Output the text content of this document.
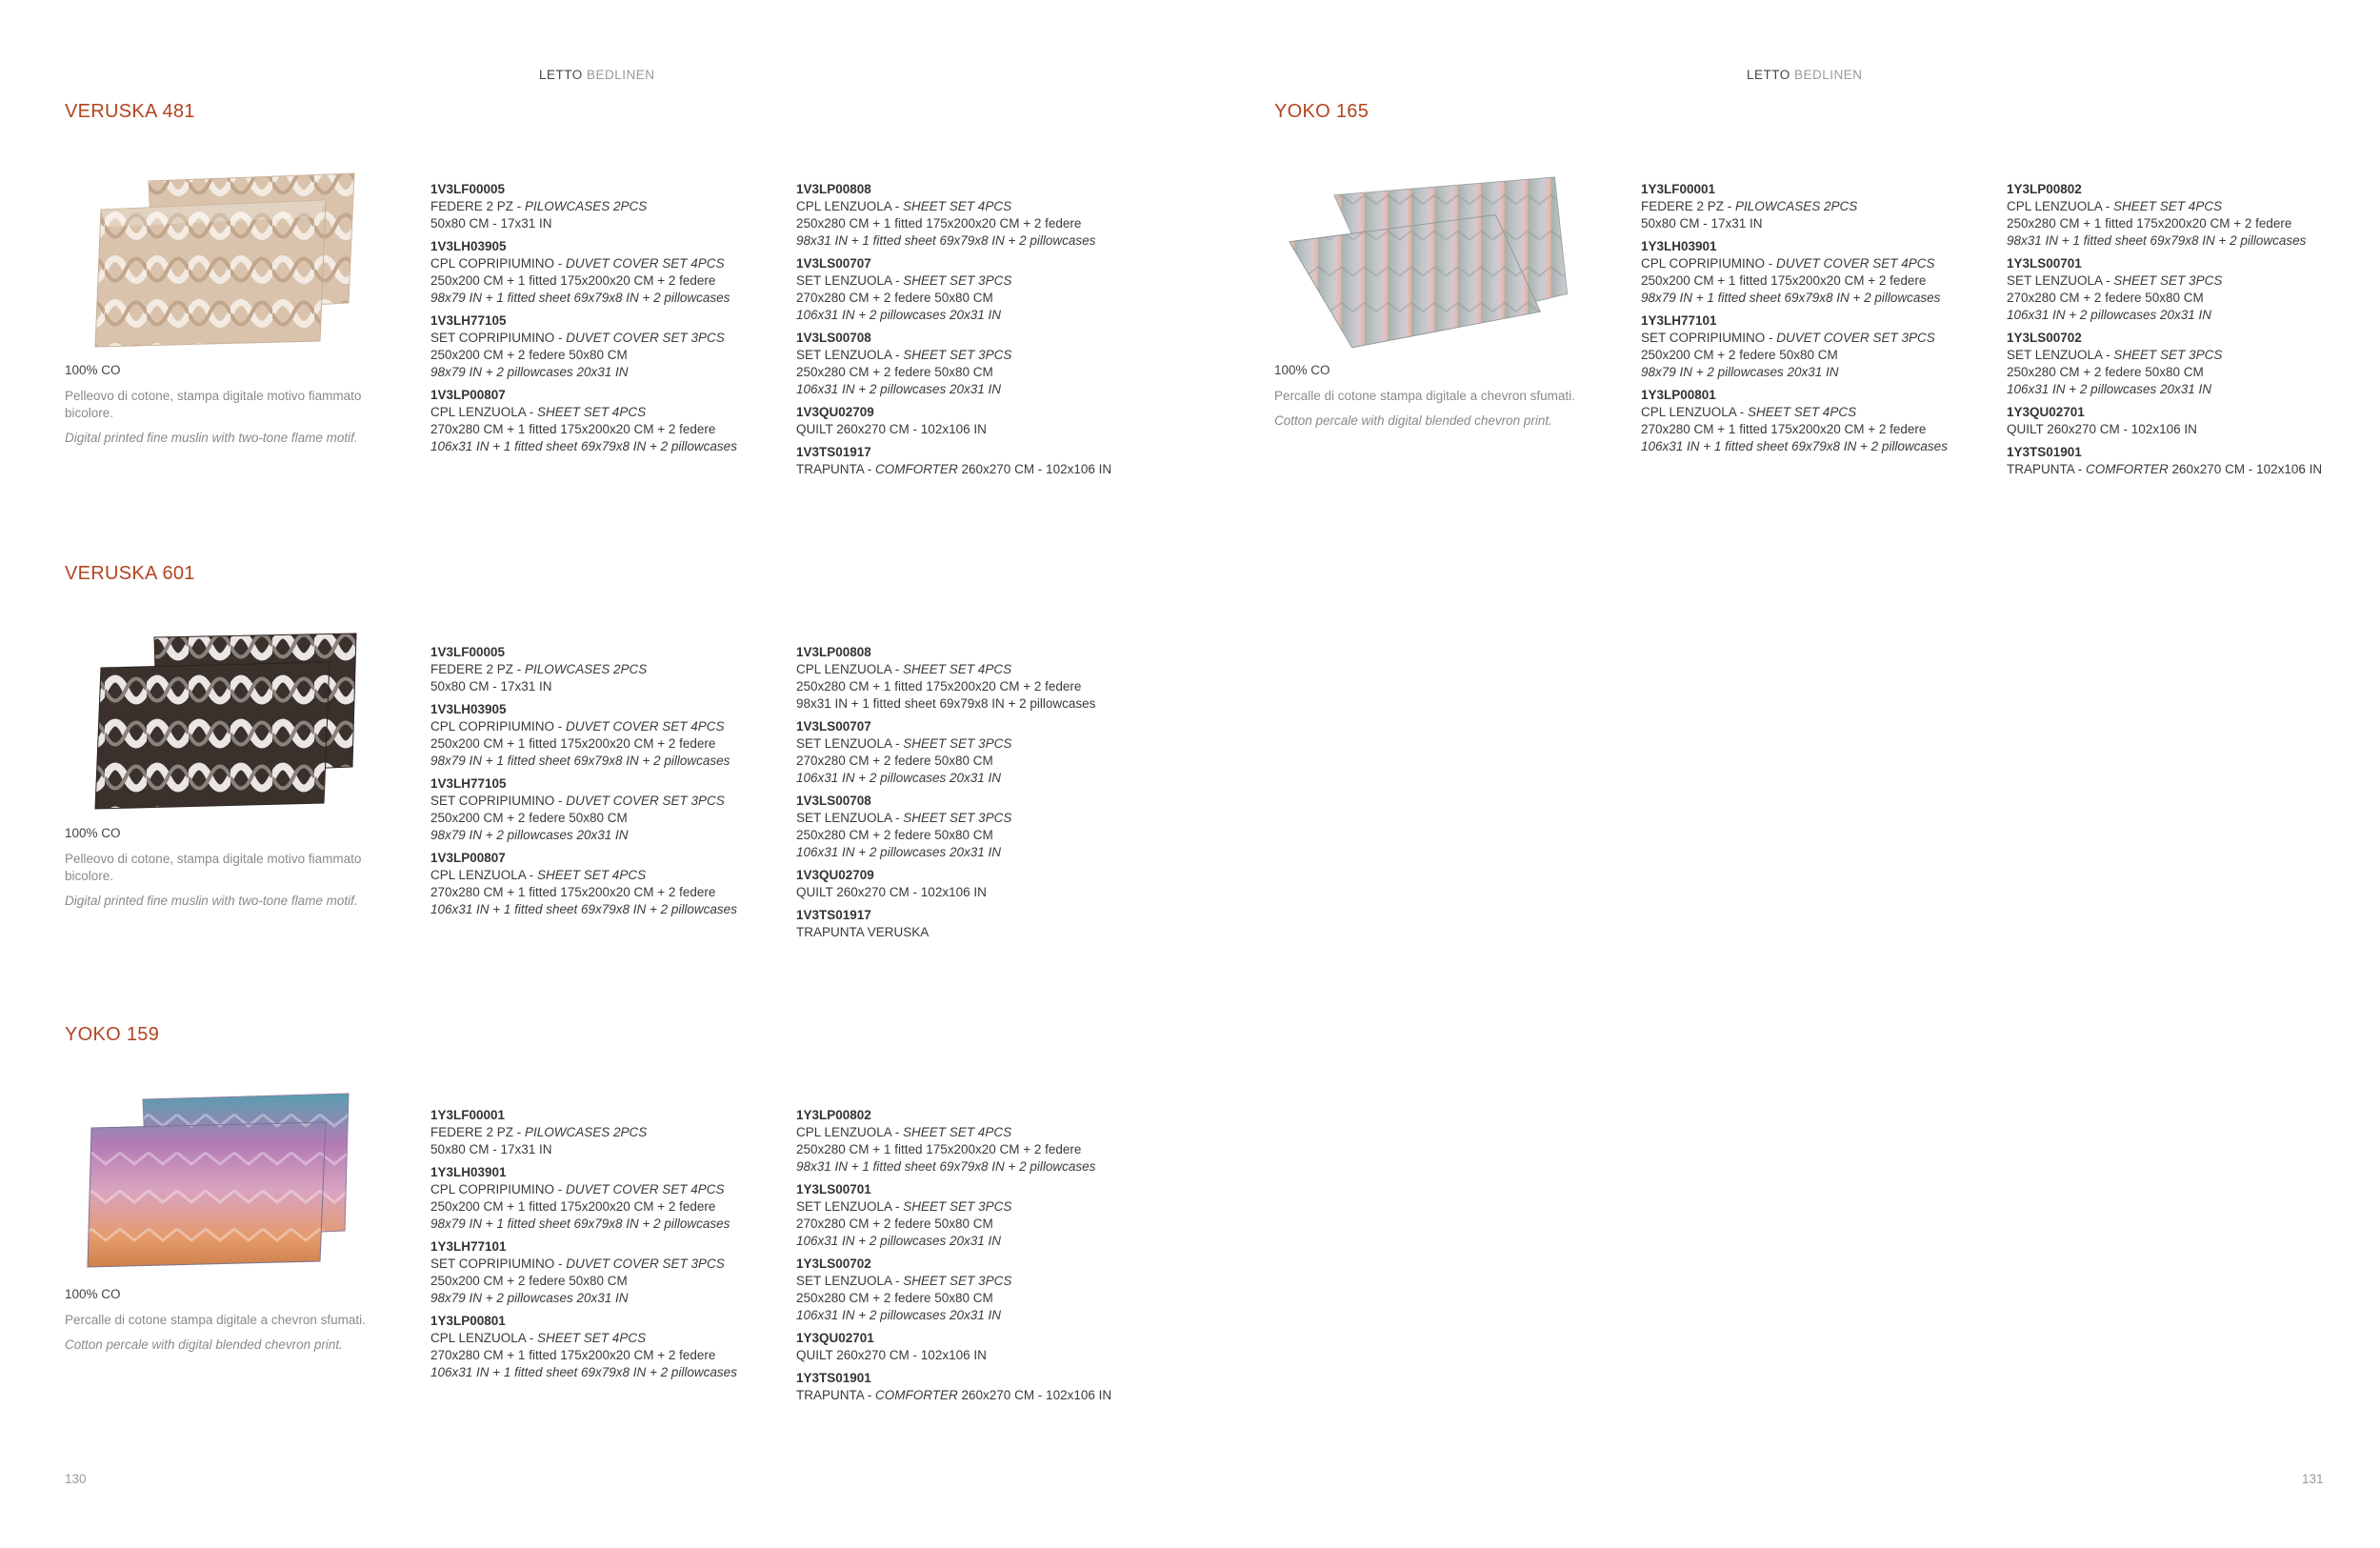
LETTO BEDLINEN
VERUSKA 481
100% CO
Pelleovo di cotone, stampa digitale motivo fiammato bicolore.
Digital printed fine muslin with two-tone flame motif.
1V3LF00005
FEDERE 2 PZ - PILOWCASES 2PCS
50x80 CM - 17x31 IN
1V3LH03905
CPL COPRIPIUMINO - DUVET COVER SET 4PCS
250x200 CM + 1 fitted 175x200x20 CM + 2 federe
98x79 IN + 1 fitted sheet 69x79x8 IN + 2 pillowcases
1V3LH77105
SET COPRIPIUMINO - DUVET COVER SET 3PCS
250x200 CM + 2 federe 50x80 CM
98x79 IN + 2 pillowcases 20x31 IN
1V3LP00807
CPL LENZUOLA - SHEET SET 4PCS
270x280 CM + 1 fitted 175x200x20 CM + 2 federe
106x31 IN + 1 fitted sheet 69x79x8 IN + 2 pillowcases
1V3LP00808
CPL LENZUOLA - SHEET SET 4PCS
250x280 CM + 1 fitted 175x200x20 CM + 2 federe
98x31 IN + 1 fitted sheet 69x79x8 IN + 2 pillowcases
1V3LS00707
SET LENZUOLA - SHEET SET 3PCS
270x280 CM + 2 federe 50x80 CM
106x31 IN + 2 pillowcases 20x31 IN
1V3LS00708
SET LENZUOLA - SHEET SET 3PCS
250x280 CM + 2 federe 50x80 CM
106x31 IN + 2 pillowcases 20x31 IN
1V3QU02709
QUILT 260x270 CM - 102x106 IN
1V3TS01917
TRAPUNTA - COMFORTER 260x270 CM - 102x106 IN
VERUSKA 601
100% CO
Pelleovo di cotone, stampa digitale motivo fiammato bicolore.
Digital printed fine muslin with two-tone flame motif.
1V3LF00005
FEDERE 2 PZ - PILOWCASES 2PCS
50x80 CM - 17x31 IN
1V3LH03905
CPL COPRIPIUMINO - DUVET COVER SET 4PCS
250x200 CM + 1 fitted 175x200x20 CM + 2 federe
98x79 IN + 1 fitted sheet 69x79x8 IN + 2 pillowcases
1V3LH77105
SET COPRIPIUMINO - DUVET COVER SET 3PCS
250x200 CM + 2 federe 50x80 CM
98x79 IN + 2 pillowcases 20x31 IN
1V3LP00807
CPL LENZUOLA - SHEET SET 4PCS
270x280 CM + 1 fitted 175x200x20 CM + 2 federe
106x31 IN + 1 fitted sheet 69x79x8 IN + 2 pillowcases
1V3LP00808
CPL LENZUOLA - SHEET SET 4PCS
250x280 CM + 1 fitted 175x200x20 CM + 2 federe
98x31 IN + 1 fitted sheet 69x79x8 IN + 2 pillowcases
1V3LS00707
SET LENZUOLA - SHEET SET 3PCS
270x280 CM + 2 federe 50x80 CM
106x31 IN + 2 pillowcases 20x31 IN
1V3LS00708
SET LENZUOLA - SHEET SET 3PCS
250x280 CM + 2 federe 50x80 CM
106x31 IN + 2 pillowcases 20x31 IN
1V3QU02709
QUILT 260x270 CM - 102x106 IN
1V3TS01917
TRAPUNTA VERUSKA
YOKO 159
100% CO
Percalle di cotone stampa digitale a chevron sfumati.
Cotton percale with digital blended chevron print.
1Y3LF00001
FEDERE 2 PZ - PILOWCASES 2PCS
50x80 CM - 17x31 IN
1Y3LH03901
CPL COPRIPIUMINO - DUVET COVER SET 4PCS
250x200 CM + 1 fitted 175x200x20 CM + 2 federe
98x79 IN + 1 fitted sheet 69x79x8 IN + 2 pillowcases
1Y3LH77101
SET COPRIPIUMINO - DUVET COVER SET 3PCS
250x200 CM + 2 federe 50x80 CM
98x79 IN + 2 pillowcases 20x31 IN
1Y3LP00801
CPL LENZUOLA - SHEET SET 4PCS
270x280 CM + 1 fitted 175x200x20 CM + 2 federe
106x31 IN + 1 fitted sheet 69x79x8 IN + 2 pillowcases
1Y3LP00802
CPL LENZUOLA - SHEET SET 4PCS
250x280 CM + 1 fitted 175x200x20 CM + 2 federe
98x31 IN + 1 fitted sheet 69x79x8 IN + 2 pillowcases
1Y3LS00701
SET LENZUOLA - SHEET SET 3PCS
270x280 CM + 2 federe 50x80 CM
106x31 IN + 2 pillowcases 20x31 IN
1Y3LS00702
SET LENZUOLA - SHEET SET 3PCS
250x280 CM + 2 federe 50x80 CM
106x31 IN + 2 pillowcases 20x31 IN
1Y3QU02701
QUILT 260x270 CM - 102x106 IN
1Y3TS01901
TRAPUNTA - COMFORTER 260x270 CM - 102x106 IN
130
LETTO BEDLINEN
YOKO 165
100% CO
Percalle di cotone stampa digitale a chevron sfumati.
Cotton percale with digital blended chevron print.
1Y3LF00001
FEDERE 2 PZ - PILOWCASES 2PCS
50x80 CM - 17x31 IN
1Y3LH03901
CPL COPRIPIUMINO - DUVET COVER SET 4PCS
250x200 CM + 1 fitted 175x200x20 CM + 2 federe
98x79 IN + 1 fitted sheet 69x79x8 IN + 2 pillowcases
1Y3LH77101
SET COPRIPIUMINO - DUVET COVER SET 3PCS
250x200 CM + 2 federe 50x80 CM
98x79 IN + 2 pillowcases 20x31 IN
1Y3LP00801
CPL LENZUOLA - SHEET SET 4PCS
270x280 CM + 1 fitted 175x200x20 CM + 2 federe
106x31 IN + 1 fitted sheet 69x79x8 IN + 2 pillowcases
1Y3LP00802
CPL LENZUOLA - SHEET SET 4PCS
250x280 CM + 1 fitted 175x200x20 CM + 2 federe
98x31 IN + 1 fitted sheet 69x79x8 IN + 2 pillowcases
1Y3LS00701
SET LENZUOLA - SHEET SET 3PCS
270x280 CM + 2 federe 50x80 CM
106x31 IN + 2 pillowcases 20x31 IN
1Y3LS00702
SET LENZUOLA - SHEET SET 3PCS
250x280 CM + 2 federe 50x80 CM
106x31 IN + 2 pillowcases 20x31 IN
1Y3QU02701
QUILT 260x270 CM - 102x106 IN
1Y3TS01901
TRAPUNTA - COMFORTER 260x270 CM - 102x106 IN
131
